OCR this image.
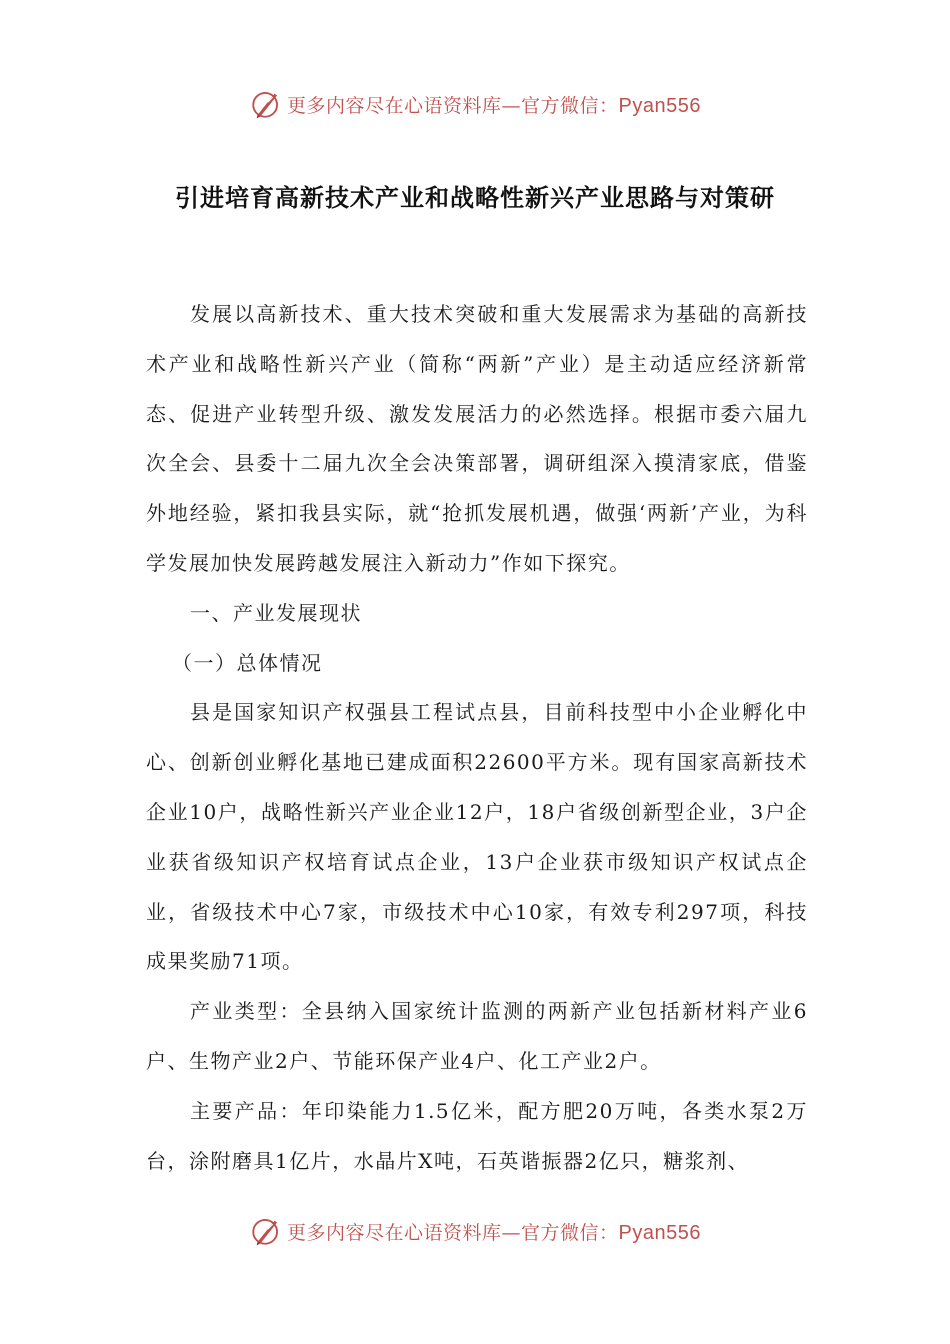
更多内容尽在心语资料库—官方微信：Pyan556
引进培育高新技术产业和战略性新兴产业思路与对策研

发展以高新技术、重大技术突破和重大发展需求为基础的高新技术产业和战略性新兴产业（简称“两新”产业）是主动适应经济新常态、促进产业转型升级、激发发展活力的必然选择。根据市委六届九次全会、县委十二届九次全会决策部署，调研组深入摸清家底，借鉴外地经验，紧扣我县实际，就“抢抓发展机遇，做强‘两新’产业，为科学发展加快发展跨越发展注入新动力”作如下探究。

一、产业发展现状

（一）总体情况

县是国家知识产权强县工程试点县，目前科技型中小企业孵化中心、创新创业孵化基地已建成面积22600平方米。现有国家高新技术企业10户，战略性新兴产业企业12户，18户省级创新型企业，3户企业获省级知识产权培育试点企业，13户企业获市级知识产权试点企业，省级技术中心7家，市级技术中心10家，有效专利297项，科技成果奖励71项。

产业类型：全县纳入国家统计监测的两新产业包括新材料产业6户、生物产业2户、节能环保产业4户、化工产业2户。

主要产品：年印染能力1.5亿米，配方肥20万吨，各类水泵2万台，涂附磨具1亿片，水晶片X吨，石英谐振器2亿只，糖浆剂、

更多内容尽在心语资料库—官方微信：Pyan556
